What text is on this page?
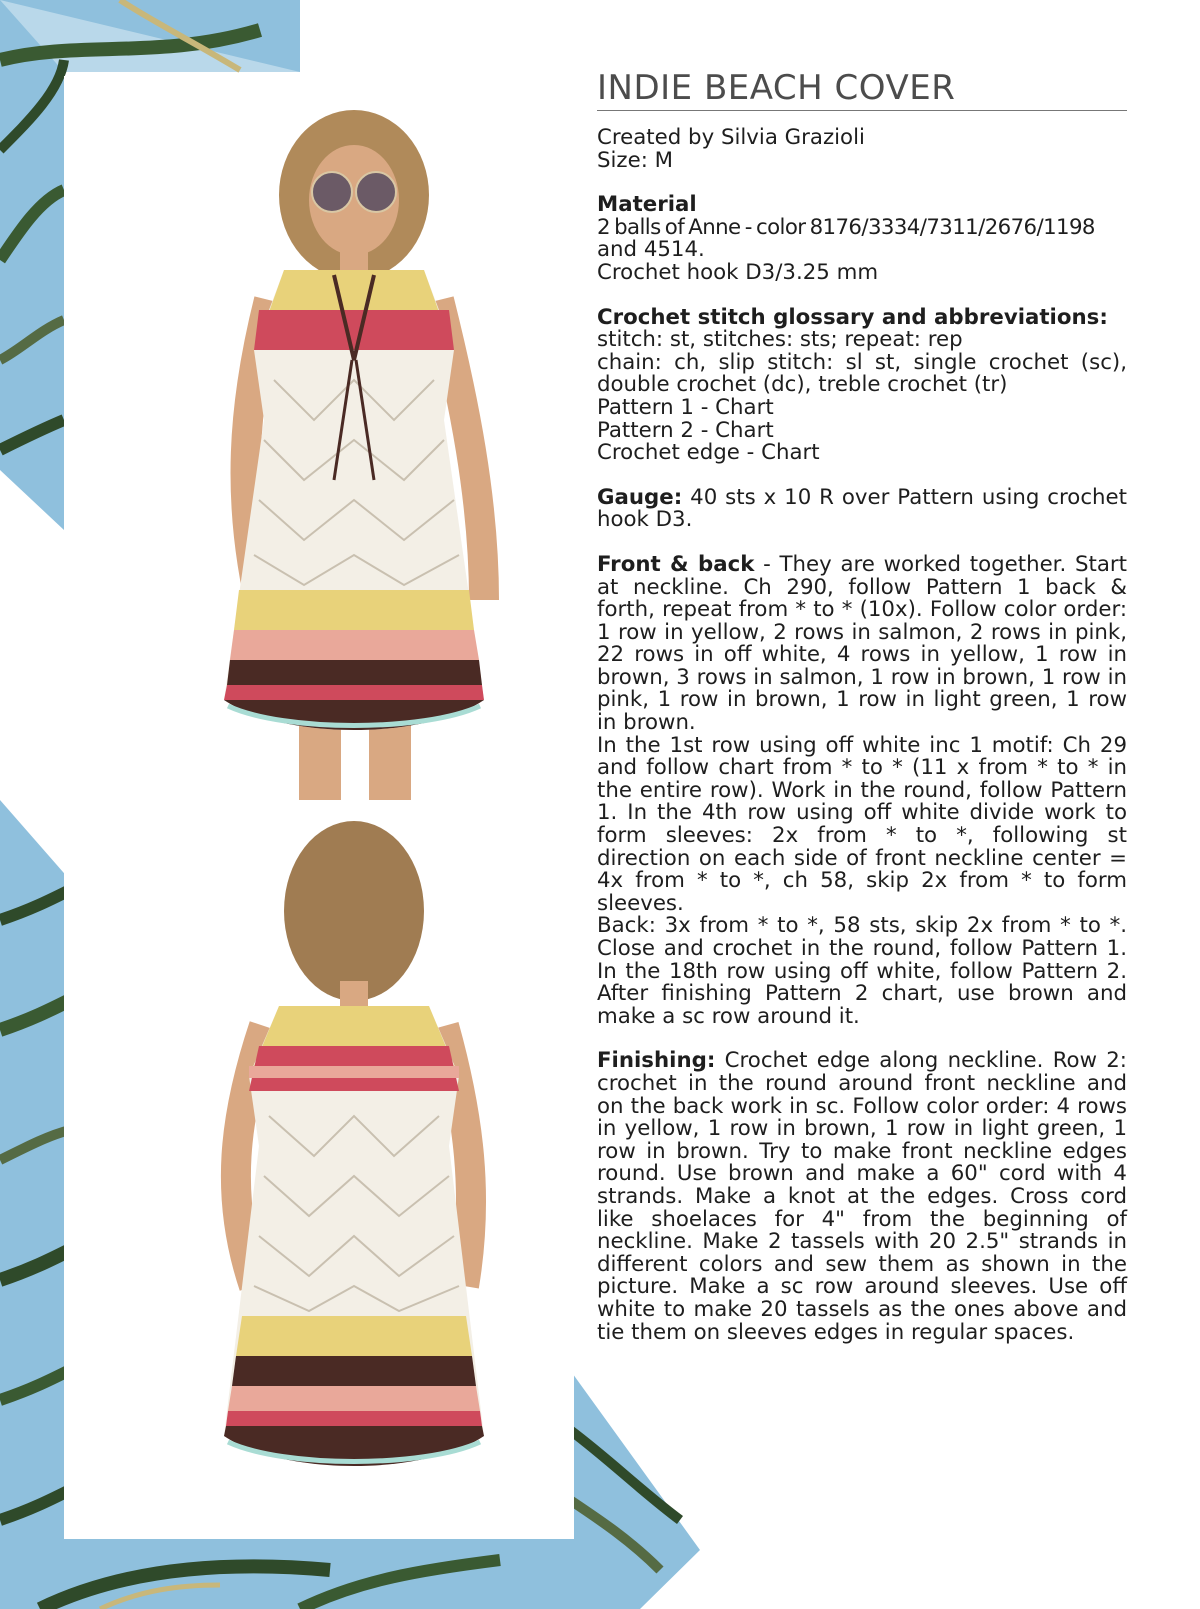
INDIE BEACH COVER

Created by Silvia Grazioli

Size: M

Material

2 balls of Anne - color 8176/3334/7311/2676/1198

and 4514.

Crochet hook D3/3.25 mm

Crochet stitch glossary and abbreviations:

stitch: st, stitches: sts; repeat: rep

chain: ch, slip stitch: sl st, single crochet (sc), double crochet (dc), treble crochet (tr)

Pattern 1 - Chart

Pattern 2 - Chart

Crochet edge - Chart

Gauge: 40 sts x 10 R over Pattern using crochet hook D3.

Front & back - They are worked together. Start at neckline. Ch 290, follow Pattern 1 back & forth, repeat from * to * (10x). Follow color order: 1 row in yellow, 2 rows in salmon, 2 rows in pink, 22 rows in off white, 4 rows in yellow, 1 row in brown, 3 rows in salmon, 1 row in brown, 1 row in pink, 1 row in brown, 1 row in light green, 1 row in brown.

In the 1st row using off white inc 1 motif: Ch 29 and follow chart from * to * (11 x from * to * in the entire row). Work in the round, follow Pattern 1. In the 4th row using off white divide work to form sleeves: 2x from * to *, following st direction on each side of front neckline center = 4x from * to *, ch 58, skip 2x from * to form sleeves.

Back: 3x from * to *, 58 sts, skip 2x from * to *. Close and crochet in the round, follow Pattern 1. In the 18th row using off white, follow Pattern 2. After finishing Pattern 2 chart, use brown and make a sc row around it.

Finishing: Crochet edge along neckline. Row 2: crochet in the round around front neckline and on the back work in sc. Follow color order: 4 rows in yellow, 1 row in brown, 1 row in light green, 1 row in brown. Try to make front neckline edges round. Use brown and make a 60" cord with 4 strands. Make a knot at the edges. Cross cord like shoelaces for 4" from the beginning of neckline. Make 2 tassels with 20 2.5" strands in different colors and sew them as shown in the picture. Make a sc row around sleeves. Use off white to make 20 tassels as the ones above and tie them on sleeves edges in regular spaces.
